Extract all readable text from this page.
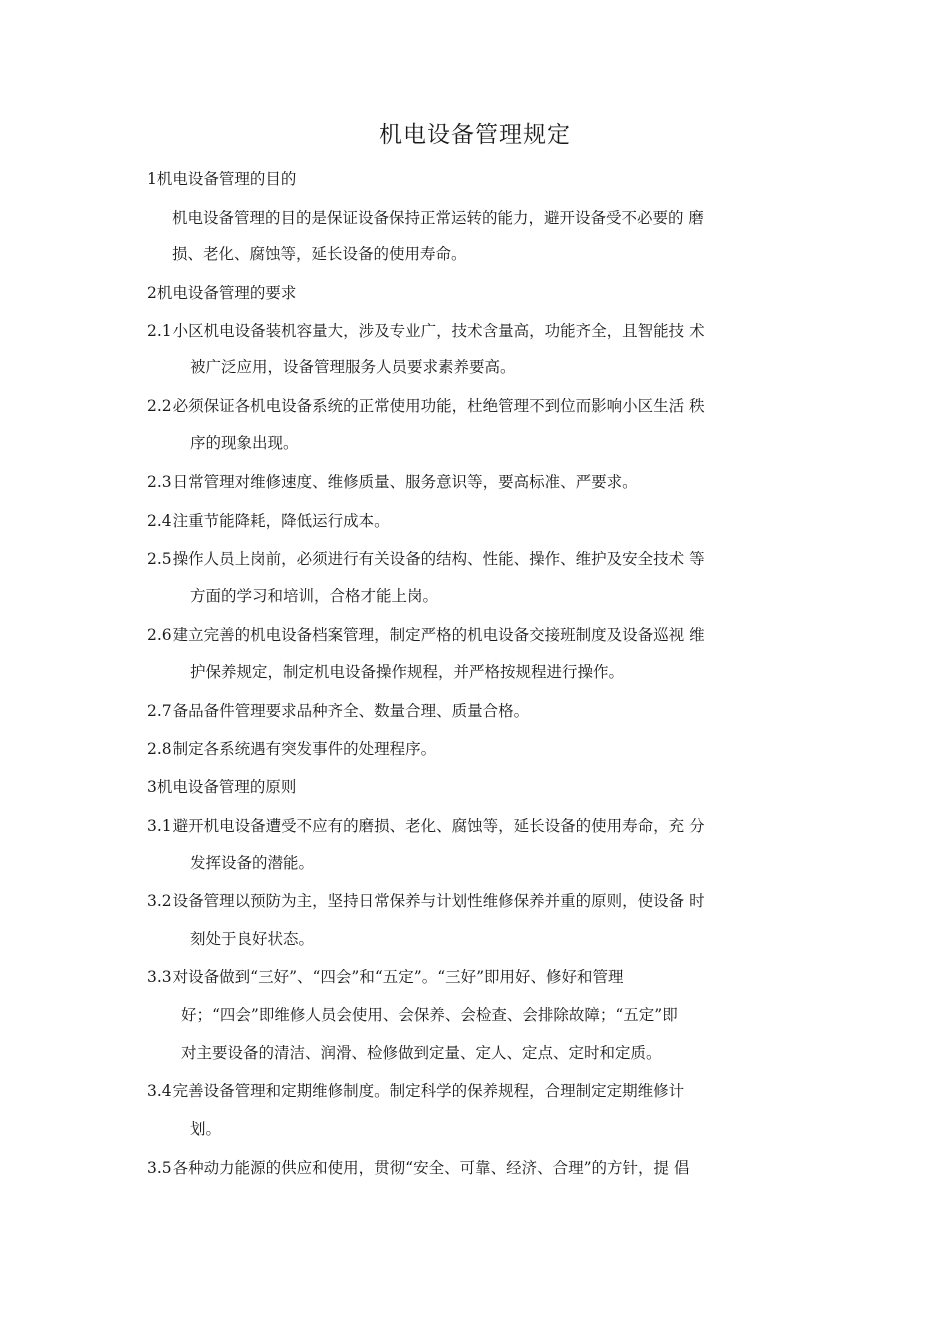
机电设备管理规定
1机电设备管理的目的
机电设备管理的目的是保证设备保持正常运转的能力，避开设备受不必要的 磨
损、老化、腐蚀等，延长设备的使用寿命。
2机电设备管理的要求
2.1小区机电设备装机容量大，涉及专业广，技术含量高，功能齐全，且智能技 术
被广泛应用，设备管理服务人员要求素养要高。
2.2必须保证各机电设备系统的正常使用功能，杜绝管理不到位而影响小区生活 秩
序的现象出现。
2.3日常管理对维修速度、维修质量、服务意识等，要高标准、严要求。
2.4注重节能降耗，降低运行成本。
2.5操作人员上岗前，必须进行有关设备的结构、性能、操作、维护及安全技术 等
方面的学习和培训，合格才能上岗。
2.6建立完善的机电设备档案管理，制定严格的机电设备交接班制度及设备巡视 维
护保养规定，制定机电设备操作规程，并严格按规程进行操作。
2.7备品备件管理要求品种齐全、数量合理、质量合格。
2.8制定各系统遇有突发事件的处理程序。
3机电设备管理的原则
3.1避开机电设备遭受不应有的磨损、老化、腐蚀等，延长设备的使用寿命，充 分
发挥设备的潜能。
3.2设备管理以预防为主，坚持日常保养与计划性维修保养并重的原则，使设备 时
刻处于良好状态。
3.3对设备做到“三好”、“四会”和“五定”。“三好”即用好、修好和管理
好；“四会”即维修人员会使用、会保养、会检查、会排除故障；“五定”即
对主要设备的清洁、润滑、检修做到定量、定人、定点、定时和定质。
3.4完善设备管理和定期维修制度。制定科学的保养规程，合理制定定期维修计
划。
3.5各种动力能源的供应和使用，贯彻“安全、可靠、经济、合理”的方针，提 倡
